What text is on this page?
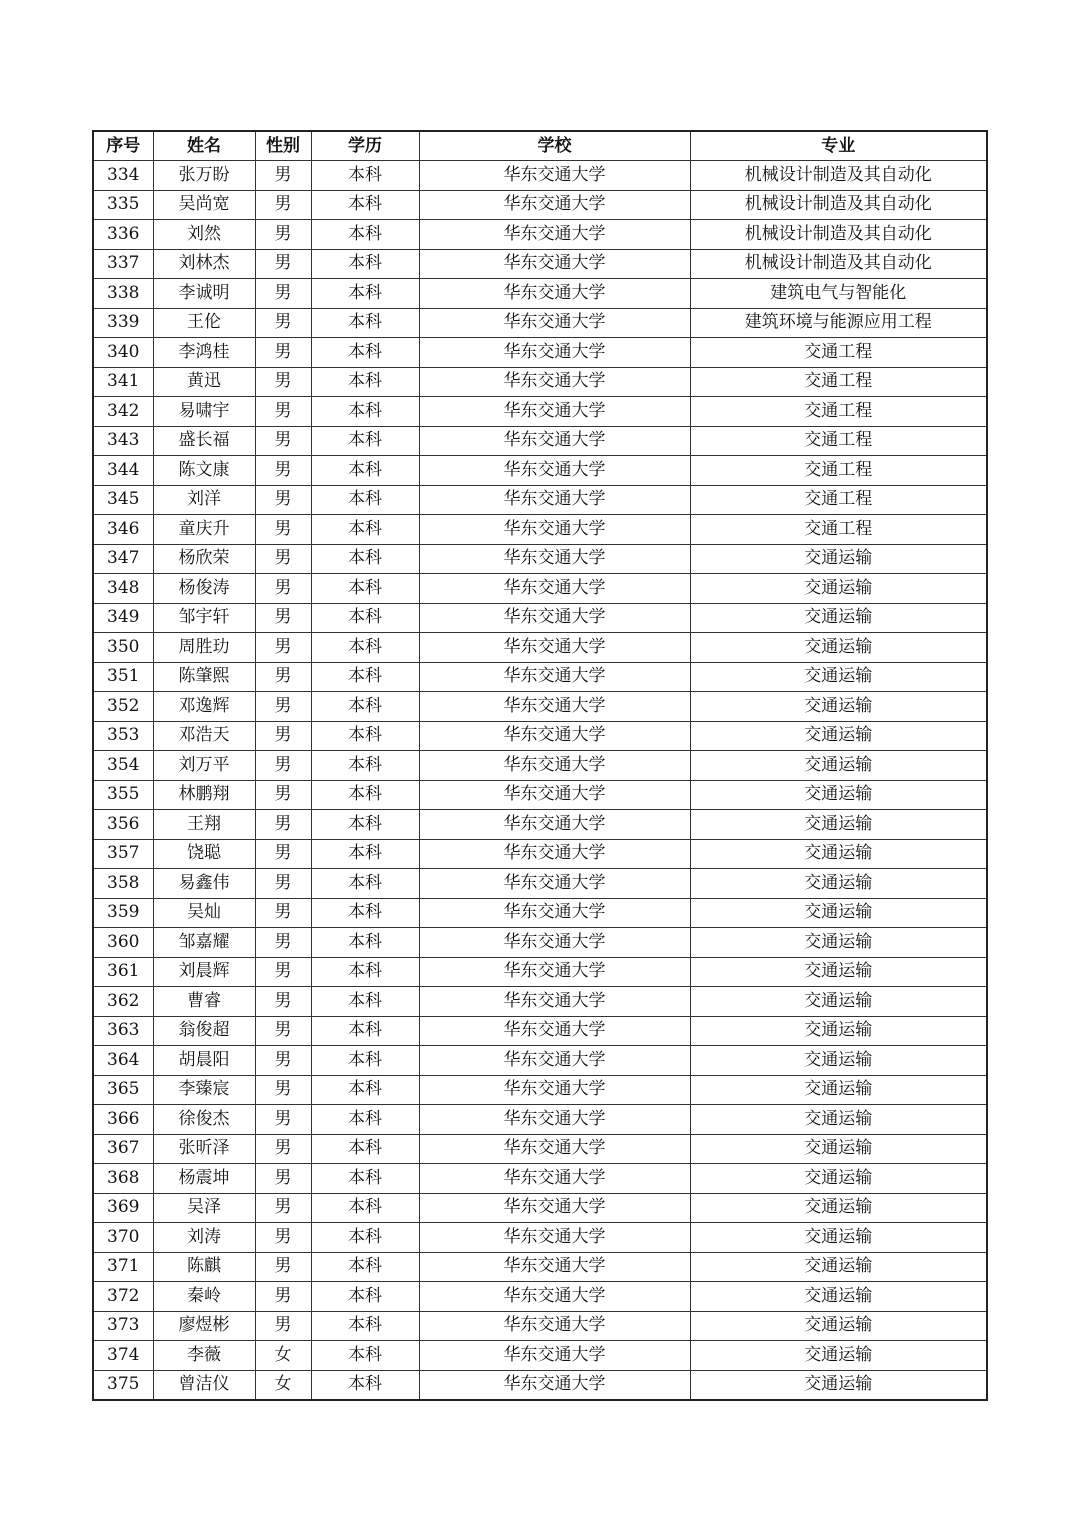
序号	姓名	性别	学历	学校	专业
334	张万盼	男	本科	华东交通大学	机械设计制造及其自动化
335	吴尚宽	男	本科	华东交通大学	机械设计制造及其自动化
336	刘然	男	本科	华东交通大学	机械设计制造及其自动化
337	刘林杰	男	本科	华东交通大学	机械设计制造及其自动化
338	李诚明	男	本科	华东交通大学	建筑电气与智能化
339	王伦	男	本科	华东交通大学	建筑环境与能源应用工程
340	李鸿桂	男	本科	华东交通大学	交通工程
341	黄迅	男	本科	华东交通大学	交通工程
342	易啸宇	男	本科	华东交通大学	交通工程
343	盛长福	男	本科	华东交通大学	交通工程
344	陈文康	男	本科	华东交通大学	交通工程
345	刘洋	男	本科	华东交通大学	交通工程
346	童庆升	男	本科	华东交通大学	交通工程
347	杨欣荣	男	本科	华东交通大学	交通运输
348	杨俊涛	男	本科	华东交通大学	交通运输
349	邹宇轩	男	本科	华东交通大学	交通运输
350	周胜玏	男	本科	华东交通大学	交通运输
351	陈肇熙	男	本科	华东交通大学	交通运输
352	邓逸辉	男	本科	华东交通大学	交通运输
353	邓浩天	男	本科	华东交通大学	交通运输
354	刘万平	男	本科	华东交通大学	交通运输
355	林鹏翔	男	本科	华东交通大学	交通运输
356	王翔	男	本科	华东交通大学	交通运输
357	饶聪	男	本科	华东交通大学	交通运输
358	易鑫伟	男	本科	华东交通大学	交通运输
359	吴灿	男	本科	华东交通大学	交通运输
360	邹嘉耀	男	本科	华东交通大学	交通运输
361	刘晨辉	男	本科	华东交通大学	交通运输
362	曹睿	男	本科	华东交通大学	交通运输
363	翁俊超	男	本科	华东交通大学	交通运输
364	胡晨阳	男	本科	华东交通大学	交通运输
365	李臻宸	男	本科	华东交通大学	交通运输
366	徐俊杰	男	本科	华东交通大学	交通运输
367	张昕泽	男	本科	华东交通大学	交通运输
368	杨震坤	男	本科	华东交通大学	交通运输
369	吴泽	男	本科	华东交通大学	交通运输
370	刘涛	男	本科	华东交通大学	交通运输
371	陈麒	男	本科	华东交通大学	交通运输
372	秦岭	男	本科	华东交通大学	交通运输
373	廖煜彬	男	本科	华东交通大学	交通运输
374	李薇	女	本科	华东交通大学	交通运输
375	曾洁仪	女	本科	华东交通大学	交通运输
